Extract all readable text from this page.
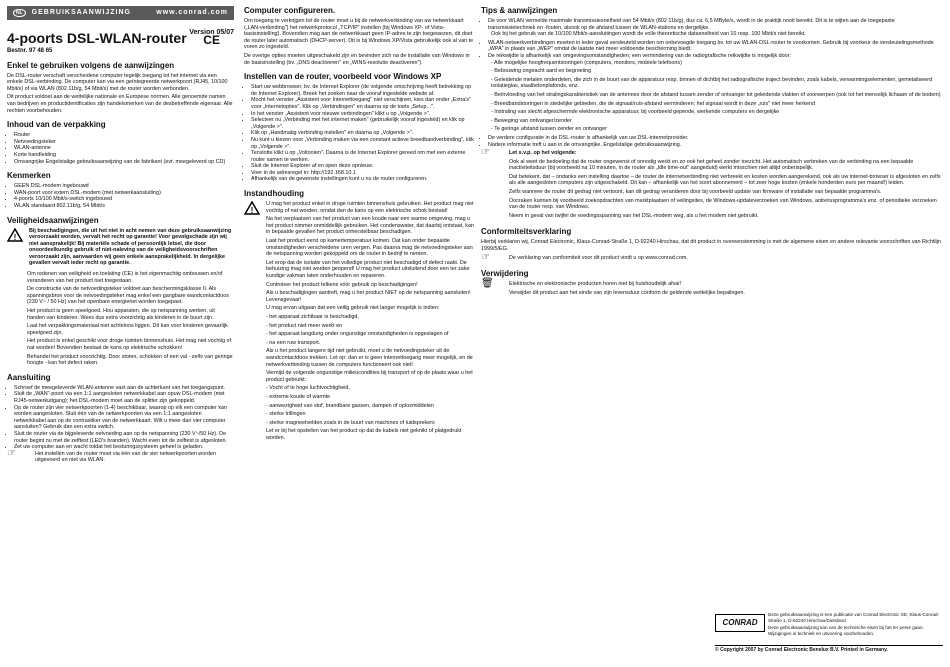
NL GEBRUIKSAANWIJZING	www.conrad.com
4-poorts DSL-WLAN-router
Bestnr. 97 48 65
Version 05/07
CE
Enkel te gebruiken volgens de aanwijzingen

De DSL-router verschaft verscheidene computer tegelijk toegang tot het internet via een enkele DSL-verbinding. De computer kan via een geïntegreerde netwerkpoort (RJ45, 10/100 Mbit/s) of via WLAN (802.11b/g, 54 Mbit/s) met de router worden verbonden.

Dit product voldoet aan de wettelijke nationale en Europese normen. Alle genoemde namen van bedrijven en productidentificaties zijn handelsmerken van de desbetreffende eigenaar. Alle rechten voorbehouden.

Inhoud van de verpakking
• Router
• Netvoedingsteker
• WLAN-antenne
• Korte handleiding
• Omvangrijke Engelstalige gebruiksaanwijzing van de fabrikant (evt. meegeleverd op CD)
Kenmerken
• GEEN DSL-modem ingebouwd
• WAN-poort voor extern DSL-modem (met netwerkaansluiting)
• 4-poorts 10/100 Mbit/s-switch ingebouwd
• WLAN standaard 802.11b/g, 54 Mbit/s
Veiligheidsaanwijzingen
!

Bij beschadigingen, die uit het niet in acht nemen van deze gebruiksaanwijzing veroorzaakt worden, vervalt het recht op garantie! Voor gevolgschade zijn wij niet aansprakelijk! Bij materiële schade of persoonlijk letsel, die door onoordeelkundig gebruik of niet-naleving van de veiligheidsvoorschriften veroorzaakt zijn, aanvaarden wij geen enkele aansprakelijkheid. In dergelijke gevallen vervalt ieder recht op garantie.

Om redenen van veiligheid en toelating (CE) is het eigenmachtig ombouwen en/of veranderen van het product niet toegestaan.

De constructie van de netvoedingsteker voldoet aan beschermingsklasse II. Als spanningsbron voor de netvoedingsteker mag enkel een gangbare wandcontactdoos (230 V~ / 50 Hz) van het openbare energienet worden toegepast.

Het product is geen speelgoed. Hou apparaten, die op netspanning werken, uit handen van kinderen. Wees dus extra voorzichtig als kinderen in de buurt zijn.

Laat het verpakkingsmateriaal niet achteloos liggen. Dit kan voor kinderen gevaarlijk speelgoed zijn.

Het product is enkel geschikt voor droge ruimten binnenshuis. Het mag niet vochtig of nat worden! Bovendien bestaat de kans op elektrische schokken!

Behandel het product voorzichtig. Door stoten, schokken of een val - zelfs van geringe hoogte - kan het defect raken.

Aansluiting
• Schroef de meegeleverde WLAN-antenne vast aan de achterkant van het toegangspunt.
• Sluit de „WAN"-poort via een 1:1 aangesloten netwerkkabel aan opuw DSL-modem (met RJ45-netwerkuitgang); het DSL-modem moet aan de splitter zijn gekoppeld.
• Op de router zijn vier netwerkpoorten (1-4) beschikbaar, waarop op elk een computer kan worden aangesloten. Sluit één van de netwerkpoorten via een 1:1 aangesloten netwerkkabel aan op de contrastiker van de netwerkkaart. Wilt u meer dan vier computer aansluiten? Gebruik dan een extra switch.
• Sluit de router via de bijgeleverde netvoeding aan op de netspanning (230 V~/50 Hz). De router begint nu met de zelftest (LED's branden). Wacht even tot de zelftest is afgesloten.
• Zet uw computer aan en wacht totdat het besturingssysteem geheel is geladen.
☞	Het instellen van de router moet via één van de vier netwerkpoorten worden uitgevoerd en niet via WLAN.

Computer configureren.

Om toegang te verkrijgen tot de router moet u bij de netwerkverbinding van uw netwerkkaart („LAN-verbinding") het netwerkprotocol „TCP/IP" instellen (bij Windows XP- of Vista-basisinstelling). Bovendien mag aan de netwerkkaart geen IP-adres te zijn toegewezen, dit doet de router later automatisch (DHCP-server). Dit is bij Windows XP/Vista gebruikelijk ook al van te voren zo ingesteld.

De overige opties moeten uitgeschakeld zijn en bevinden zich na de installatie van Windows in de basisinstelling (bv. „DNS deactiveren" en „WINS-resolutie deactiveren").

Instellen van de router, voorbeeld voor Windows XP
• Start uw webbrowser, bv. de Internet Explorer (de volgende omschrijving heeft betrekking op de Internet Explorer). Breek het zoeken naar de vooraf ingestelde website af.
• Mocht het venster „Assistent voor Internettoegang" niet verschijnen, kies dan onder „Extra's" voor „Internetopties". Klik op „Verbindingen" en daarna op de toets „Setup...".
• In het venster „Assistent voor nieuwe verbindingen" klikt u op „Volgende >".
• Selecteer nu „Verbinding met het internet maken" (gebruikelijk vooraf ingesteld) en klik op „Volgende >".
• Klik op „Handmatig verbinding instellen" en daarna op „Volgende >".
• Nu kunt u kiezen voor „Verbinding maken via een constant actieve breedbandverbinding", klik op „Volgende >".
• Tenslotte klikt u op „Voltooien". Daarna is de Internet Explorer gereed om met een externe router samen te werken.
• Sluit de Internet Explorer af en open deze opnieuw.
• Voer in de adresregel in: http://192.168.10.1
• Afhankelijk van de gewenste instellingen kunt u nu de router configureren.
Instandhouding
!

U mag het product enkel in droge ruimten binnenshuis gebruiken. Het product mag niet vochtig of nat worden, omdat dan de kans op een elektrische schok bestaat!

Na het verplaatsen van het product van een koude naar een warme omgeving, mag u het product nimmer onmiddellijk gebruiken. Het condenswater, dat daarbij ontstaat, kan in bepaalde gevallen het product onherstelbaar beschadigen.

Laat het product eerst op kamertemperatuur komen. Dat kan onder bepaalde omstandigheden verscheidene uren vergen. Pas daarna mag de netvoedingsteker aan de netspanning worden gekoppeld om de router in bedrijf te nemen.

Let erop dat de isolatie van het volledige product niet beschadigd of defect raakt. De behuizing mag niet worden geopend! U mag het product uitsluitend door een ter zake kundige vakman laten onderhouden en repareren.

Controleer het product telkens vóór gebruik op beschadigingen!

Als u beschadigingen aantreft, mag u het product NIET op de netspanning aansluiten! Levensgevaar!

U mag ervan uitgaan dat een veilig gebruik niet langer mogelijk is indien:

- het apparaat zichtbaar is beschadigd,

- het product niet meer werkt en

- het apparaat langdurig onder ongunstige omstandigheden is opgeslagen of

- na een ruw transport.

Als u het product langere tijd niet gebruikt, moet u de netvoedingsteker uit de wandcontactdoos trekken. Let op: dan er is geen internettoegang meer mogelijk, en de netwerkverbinding tussen de computers functioneert ook niet!

Vermijd de volgende ongunstige milieucondities bij transport of op de plaats waar u het product gebruikt:

- Vocht of te hoge luchtvochtigheid,

- extreme koude of warmte

- aanwezigheid van stof, brandbare gassen, dampen of oplosmiddelen

- sterke trillingen

- sterke magneetvelden zoals in de buurt van machines of luidsprekers

Let er bij het opstellen van het product op dat de kabels niet geknikt of platgedrukt worden.

Tips & aanwijzingen
• De voor WLAN vermelde maximale transmissiesnelheid van 54 Mbit/s (802.11b/g), dus ca. 6,5 MByte/s, wordt in de praktijk nooit bereikt. Dit is te wijten aan de toegepaste transmissietechniek en -fouten, alsook op de afstand tussen de WLAN-stations en dergelijke.

Ook bij het gebruik van de 10/100 Mbit/s-aansluitingen wordt de volle theoretische datasnelheid van 10 resp. 100 Mbit/s niet bereikt.

• WLAN-netwerkverbindingen moeten in ieder geval versleuteld worden om onbevoegde toegang bv. tot uw WLAN-DSL-router te voorkomen. Gebruik bij voorkeur de versleutelingsmethode „WPA" in plaats van „WEP" omdat de laatste niet meer voldoende bescherming biedt.
• De reikwijdte is afhankelijk van omgevingsomstandigheden; een vermindering van de radiografische reikwijdte is mogelijk door:

- Alle mogelijke hoogfrequentstoringen (computers, monitors, mobiele telefoons)

- Bebouwing ongeacht aard en begroeiing

- Geleidende metalen onderdelen, die zich in de buurt van de apparatuur resp. binnen of dichtbij het radiografische traject bevinden, zoals kabels, verwarmingselementen, gemetaliseerd isolatieglas, staalbetonplafonds, enz.

- Beïnvloeding van het stralingskarakteristiek van de antennes door de afstand tussen zender of ontvanger tot geleidende vlakten of voorwerpen (ook tot het menselijk lichaam of de bodem)

- Breedbandstoringen in stedelijke gebieden, die de signaal/ruis-afstand verminderen; het signaal wordt in deze „ruis" niet meer herkend

- Instraling van slecht afgeschermde elektronische apparatuur, bij voorbeeld gepende, werkende computers en dergelijke

- Beweging van ontvanger/zender

- Te geringe afstand tussen zender en ontvanger

• De verdere configuratie in de DSL-router is afhankelijk van uw DSL-internetprovider.
• Nadere informatie treft u aan in de omvangrijke, Engelstalige gebruiksaanwijzing.
☞	Let s.v.p. op het volgende:

Ook al weet de bedoeling dat de router ongewenst of onnodig werkt en zo ook het geheel zonder toezicht. Het automatisch verbreken van de verbinding na een bepaalde inactiviteitsduur (bij voorbeeld na 10 minuten, in de router als „Idle time-out" aangeduid) werkt misschien niet altijd onberispelijk.

Dat betekent, dat – ondanks een instelling daartoe – de router de internetverbinding niet verbreekt en kosten worden aangerekend, ook als uw internet-browser is afgesloten en zelfs als alle aangesloten computers zijn uitgeschakeld. Dit kan – afhankelijk van het soort abonnement – tot zeer hoge kosten (enkele honderden euro per maand!) leiden.

Zelfs wanneer de router dit gedrag niet vertoont, kan dit gedrag veranderen door bij voorbeeld update van firmware of installatie van bepaalde programma's.

Oorzaken kunnen bij voorbeeld zoekopdrachten van marktplaatsen of veilingsites, de Windows-updateverzoeken van Windows, antivirusprogramma's enz. of periodieke verzoeken van de router resp. van Windows.

Neem in geval van twijfel de voedingsspanning van het DSL-modem weg, als u het modem niet gebruikt.

Conformiteitsverklaring

Hierbij verklaren wij, Conrad Electronic, Klaus-Conrad-Straße 1, D-92240 Hirschau, dat dit product in overeenstemming is met de algemene eisen en andere relevante voorschriften van Richtlijn 1999/5/EG.

☞	De verklaring van conformiteit voor dit product vindt u op www.conrad.com.

Verwijdering
🗑	Elektrische en elektronische producten horen niet bij huishoudelijk afval!

Verwijder dit product aan het einde van zijn levensduur conform de geldende wettelijke bepalingen.

CONRAD

Deze gebruiksaanwijzing is een publicatie van Conrad Electronic SE, Klaus-Conrad-Straße 1, D-92240 Hirschau/Duitsland

Deze gebruiksaanwijzing kan van de technische eisen bij het ter perse gaan. Wijzigingen in techniek en uitvoering voorbehouden.

© Copyright 2007 by Conrad Electronic Benelux B.V. Printed in Germany.
